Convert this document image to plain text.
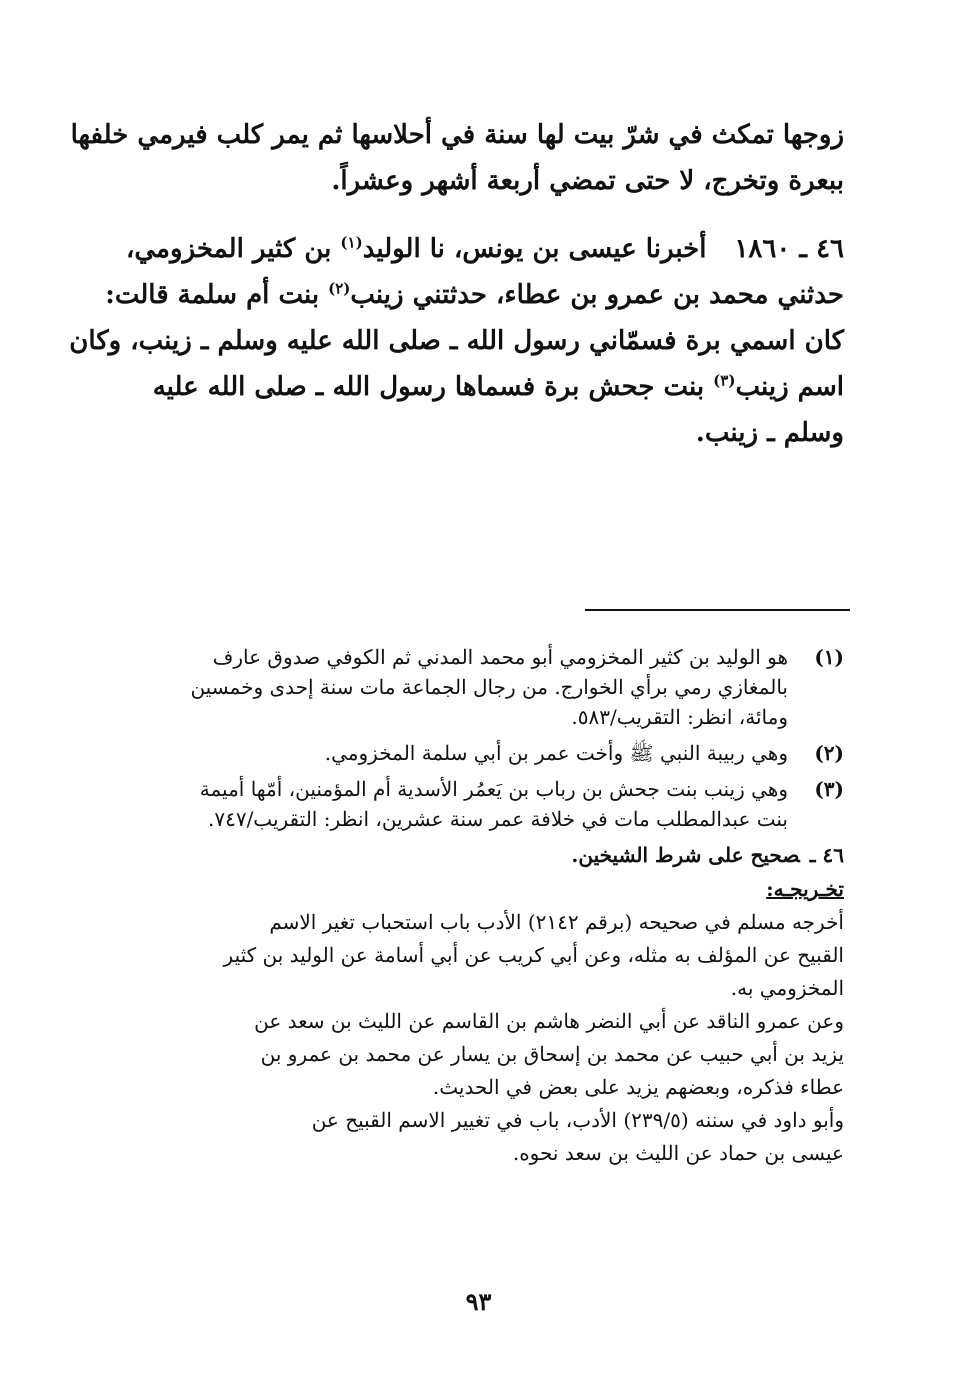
زوجها تمكث في شرّ بيت لها سنة في أحلاسها ثم يمر كلب فيرمي خلفها
ببعرة وتخرج، لا حتى تمضي أربعة أشهر وعشراً.
٤٦ ـ ١٨٦٠أخبرنا عيسى بن يونس، نا الوليد$^{(١)}$ بن كثير المخزومي،
حدثني محمد بن عمرو بن عطاء، حدثتني زينب$^{(٢)}$ بنت أم سلمة قالت:
كان اسمي برة فسمّاني رسول الله ـ صلى الله عليه وسلم ـ زينب، وكان
اسم زينب$^{(٣)}$ بنت جحش برة فسماها رسول الله ـ صلى الله عليه
وسلم ـ زينب.
(١)
هو الوليد بن كثير المخزومي أبو محمد المدني ثم الكوفي صدوق عارف
بالمغازي رمي برأي الخوارج. من رجال الجماعة مات سنة إحدى وخمسين
ومائة، انظر: التقريب/٥٨٣.
(٢)
وهي ربيبة النبي ﷺ وأخت عمر بن أبي سلمة المخزومي.
(٣)
وهي زينب بنت جحش بن رباب بن يَعمُر الأسدية أم المؤمنين، أمّها أميمة
بنت عبدالمطلب مات في خلافة عمر سنة عشرين، انظر: التقريب/٧٤٧.
٤٦ ـصحيح على شرط الشيخين.
تخـريجـه:
أخرجه مسلم في صحيحه (برقم ٢١٤٢) الأدب باب استحباب تغير الاسم
القبيح عن المؤلف به مثله، وعن أبي كريب عن أبي أسامة عن الوليد بن كثير
المخزومي به.
وعن عمرو الناقد عن أبي النضر هاشم بن القاسم عن الليث بن سعد عن
يزيد بن أبي حبيب عن محمد بن إسحاق بن يسار عن محمد بن عمرو بن
عطاء فذكره، وبعضهم يزيد على بعض في الحديث.
وأبو داود في سننه (٢٣٩/٥) الأدب، باب في تغيير الاسم القبيح عن
عيسى بن حماد عن الليث بن سعد نحوه.
٩٣
